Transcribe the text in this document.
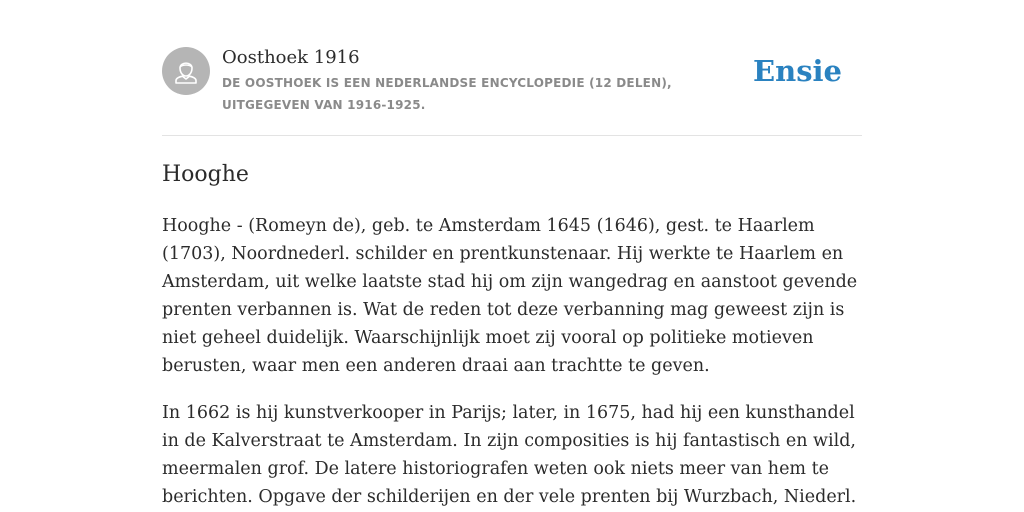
Oosthoek 1916
DE OOSTHOEK IS EEN NEDERLANDSE ENCYCLOPEDIE (12 DELEN), UITGEGEVEN VAN 1916-1925.
Ensie
Hooghe

Hooghe - (Romeyn de), geb. te Amsterdam 1645 (1646), gest. te Haarlem (1703), Noordnederl. schilder en prentkunstenaar. Hij werkte te Haarlem en Amsterdam, uit welke laatste stad hij om zijn wangedrag en aanstoot gevende prenten verbannen is. Wat de reden tot deze verbanning mag geweest zijn is niet geheel duidelijk. Waarschijnlijk moet zij vooral op politieke motieven berusten, waar men een anderen draai aan trachtte te geven.

In 1662 is hij kunstverkooper in Parijs; later, in 1675, had hij een kunsthandel in de Kalverstraat te Amsterdam. In zijn composities is hij fantastisch en wild, meermalen grof. De latere historiografen weten ook niets meer van hem te berichten. Opgave der schilderijen en der vele prenten bij Wurzbach, Niederl.
